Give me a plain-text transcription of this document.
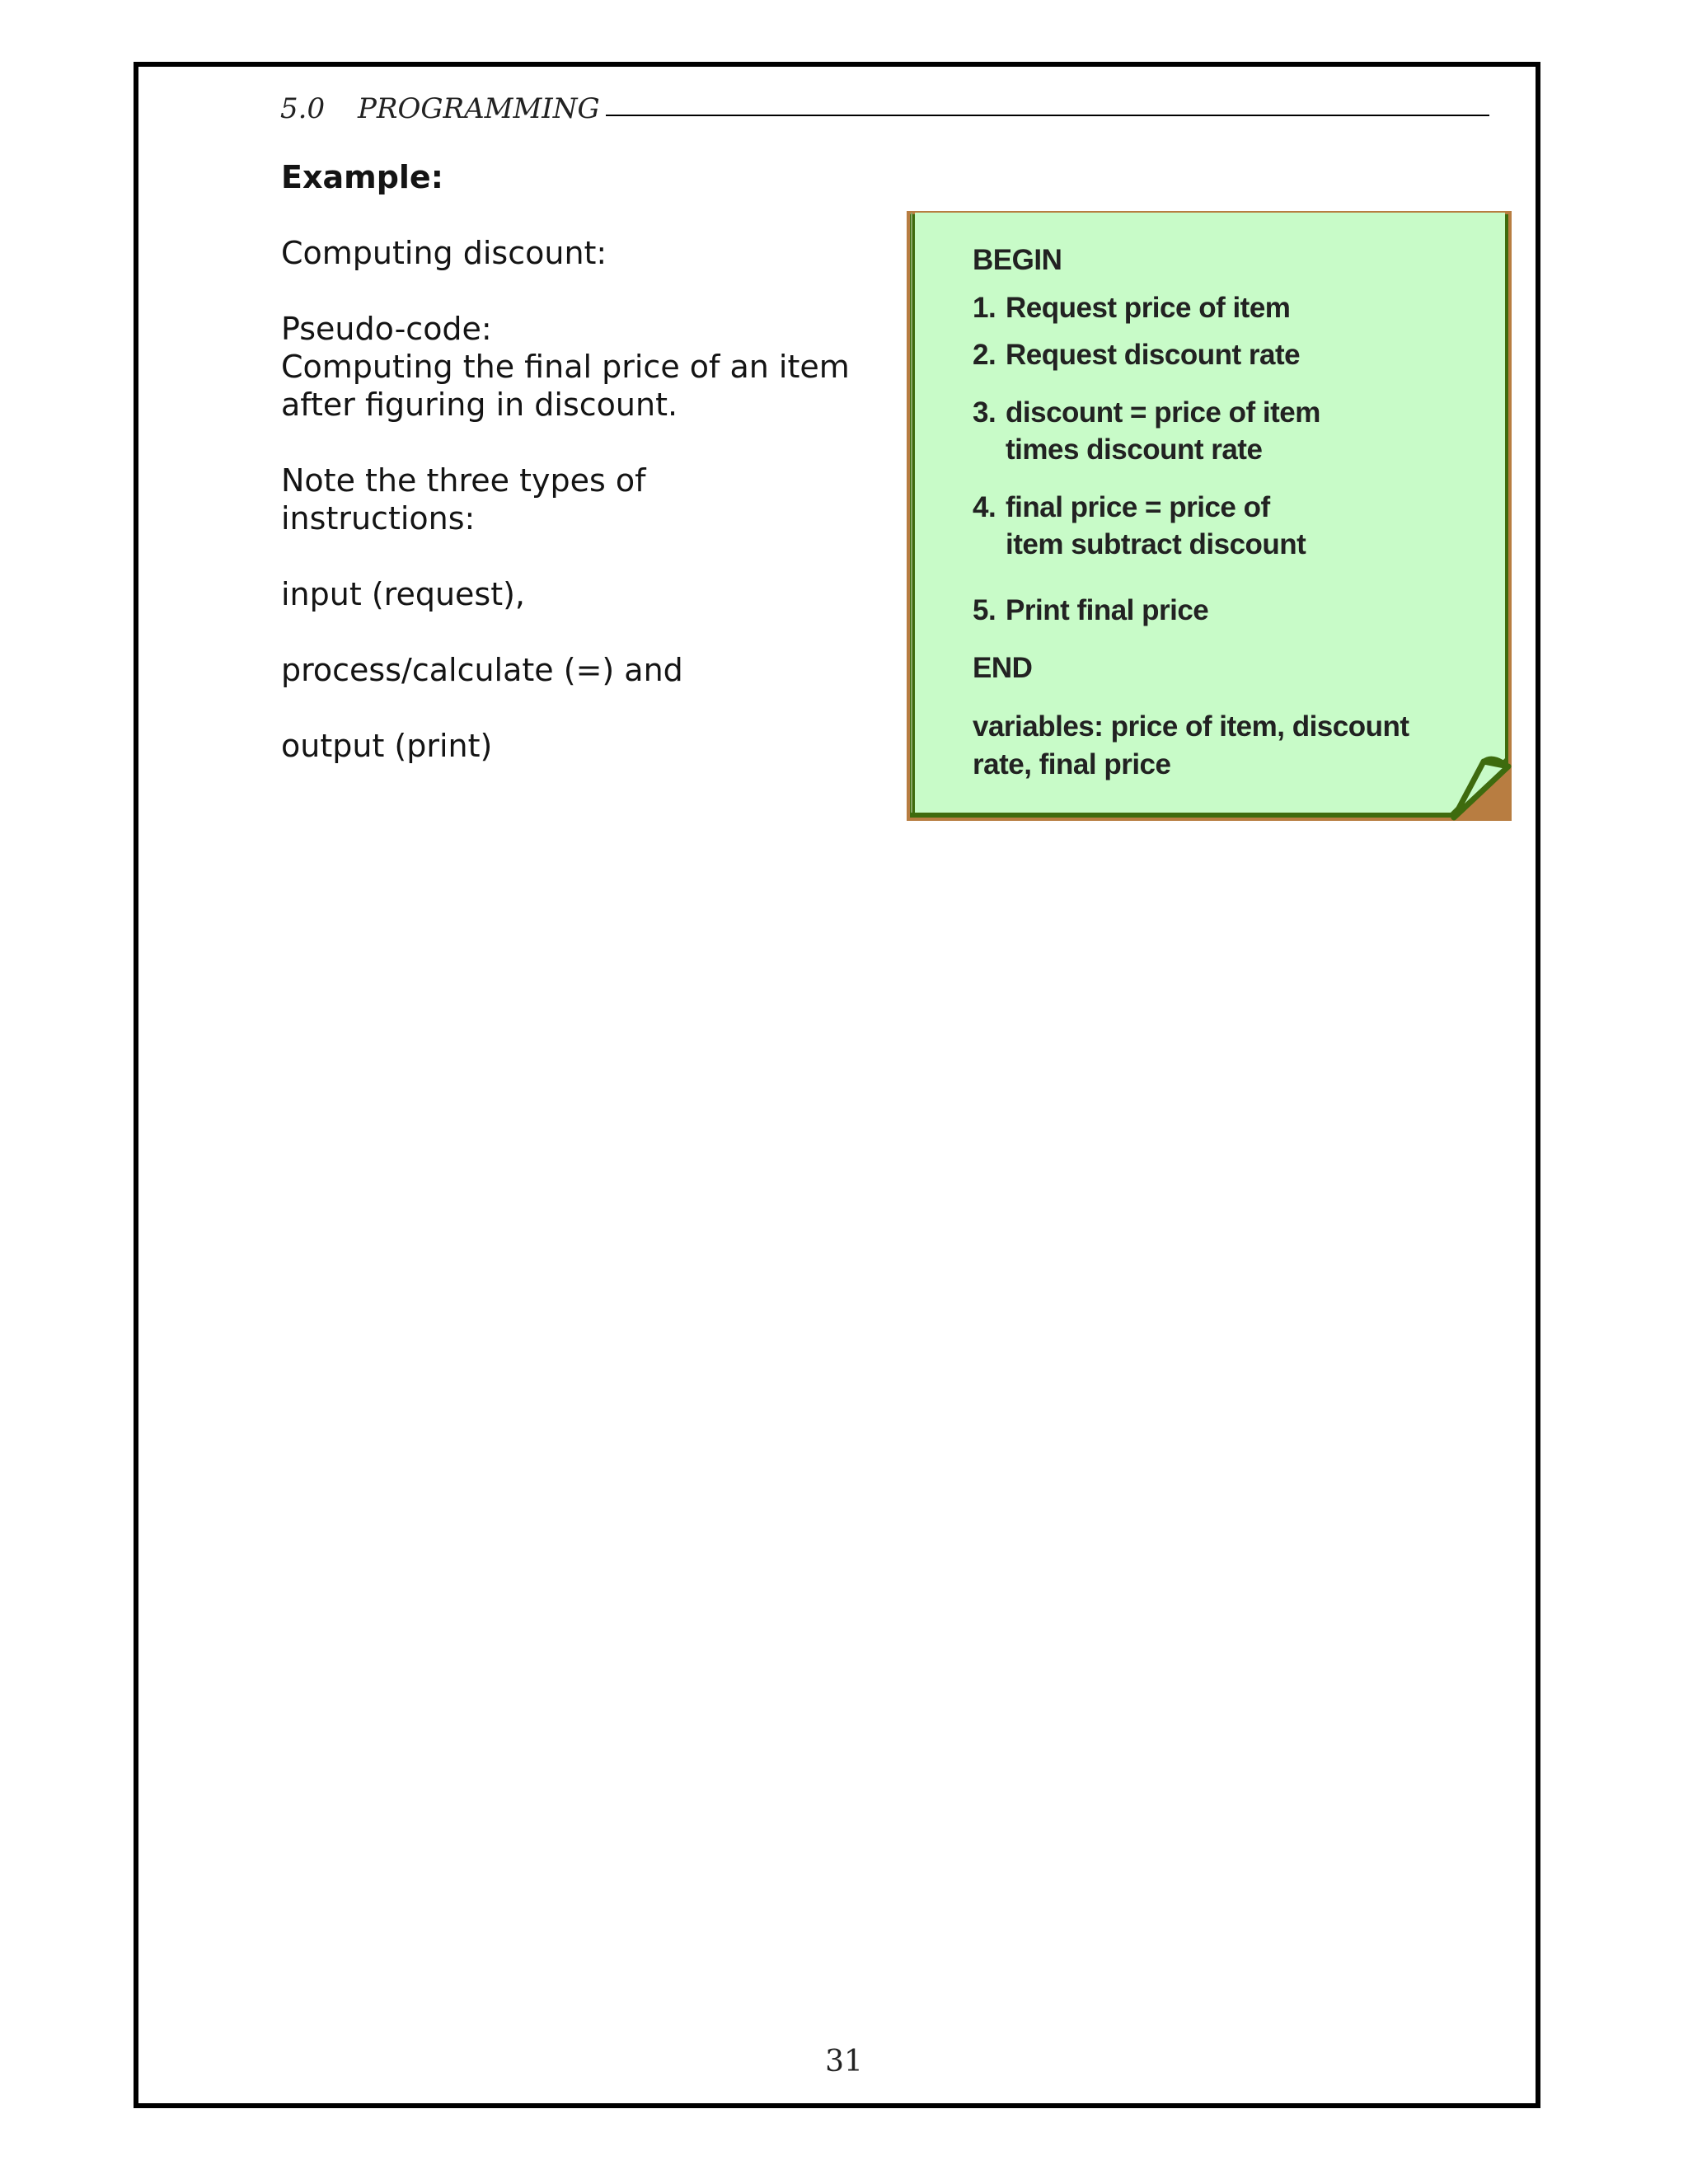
5.0 PROGRAMMING

Example:

Computing discount:

Pseudo-code:

Computing the final price of an item

after figuring in discount.

Note the three types of

instructions:

input (request),

process/calculate (=) and

output (print)

BEGIN
1. Request price of item
2. Request discount rate
3. discount = price of item
times discount rate
4. final price = price of
item subtract discount
5. Print final price
END
variables: price of item, discount
rate, final price
31
